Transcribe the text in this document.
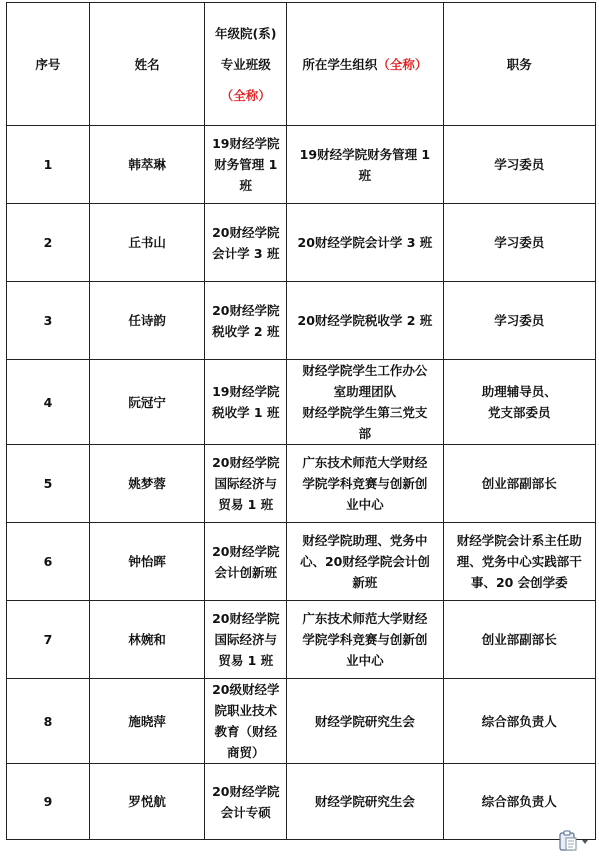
序号	姓名	年级院(系)
专业班级
（全称）	所在学生组织（全称）	职务
1	韩萃琳	19财经学院
财务管理 1
班	19财经学院财务管理 1
班	学习委员

2	丘书山	20财经学院
会计学 3 班	20财经学院会计学 3 班	学习委员

3	任诗韵	20财经学院
税收学 2 班	20财经学院税收学 2 班	学习委员

4	阮冠宁	19财经学院
税收学 1 班	财经学院学生工作办公
室助理团队
财经学院学生第三党支
部	助理辅导员、
党支部委员

5	姚梦蓉	20财经学院
国际经济与
贸易 1 班	广东技术师范大学财经
学院学科竞赛与创新创
业中心	创业部副部长

6	钟怡晖	20财经学院
会计创新班	财经学院助理、党务中
心、20财经学院会计创
新班	财经学院会计系主任助
理、党务中心实践部干
事、20 会创学委

7	林婉和	20财经学院
国际经济与
贸易 1 班	广东技术师范大学财经
学院学科竞赛与创新创
业中心	创业部副部长

8	施晓萍	20级财经学
院职业技术
教育（财经
商贸）	财经学院研究生会	综合部负责人

9	罗悦航	20财经学院
会计专硕	财经学院研究生会	综合部负责人
